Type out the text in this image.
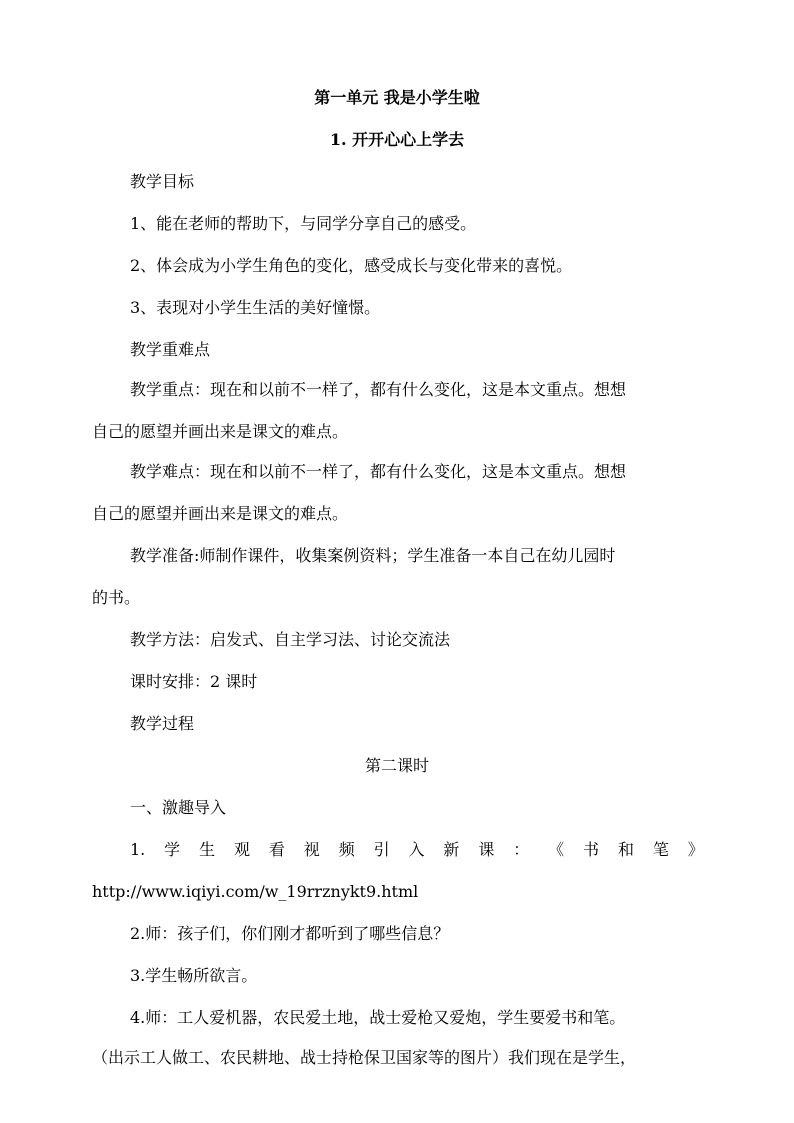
第一单元 我是小学生啦
1. 开开心心上学去
教学目标
1、能在老师的帮助下，与同学分享自己的感受。
2、体会成为小学生角色的变化，感受成长与变化带来的喜悦。
3、表现对小学生生活的美好憧憬。
教学重难点
教学重点：现在和以前不一样了，都有什么变化，这是本文重点。想想
自己的愿望并画出来是课文的难点。
教学难点：现在和以前不一样了，都有什么变化，这是本文重点。想想
自己的愿望并画出来是课文的难点。
教学准备:师制作课件，收集案例资料；学生准备一本自己在幼儿园时
的书。
教学方法：启发式、自主学习法、讨论交流法
课时安排：2 课时
教学过程
第二课时
一、激趣导入
1. 学 生 观 看 视 频 引 入 新 课 ： 《 书 和 笔 》
http://www.iqiyi.com/w_19rrznykt9.html
2.师：孩子们，你们刚才都听到了哪些信息？
3.学生畅所欲言。
4.师：工人爱机器，农民爱土地，战士爱枪又爱炮，学生要爱书和笔。
（出示工人做工、农民耕地、战士持枪保卫国家等的图片）我们现在是学生，
